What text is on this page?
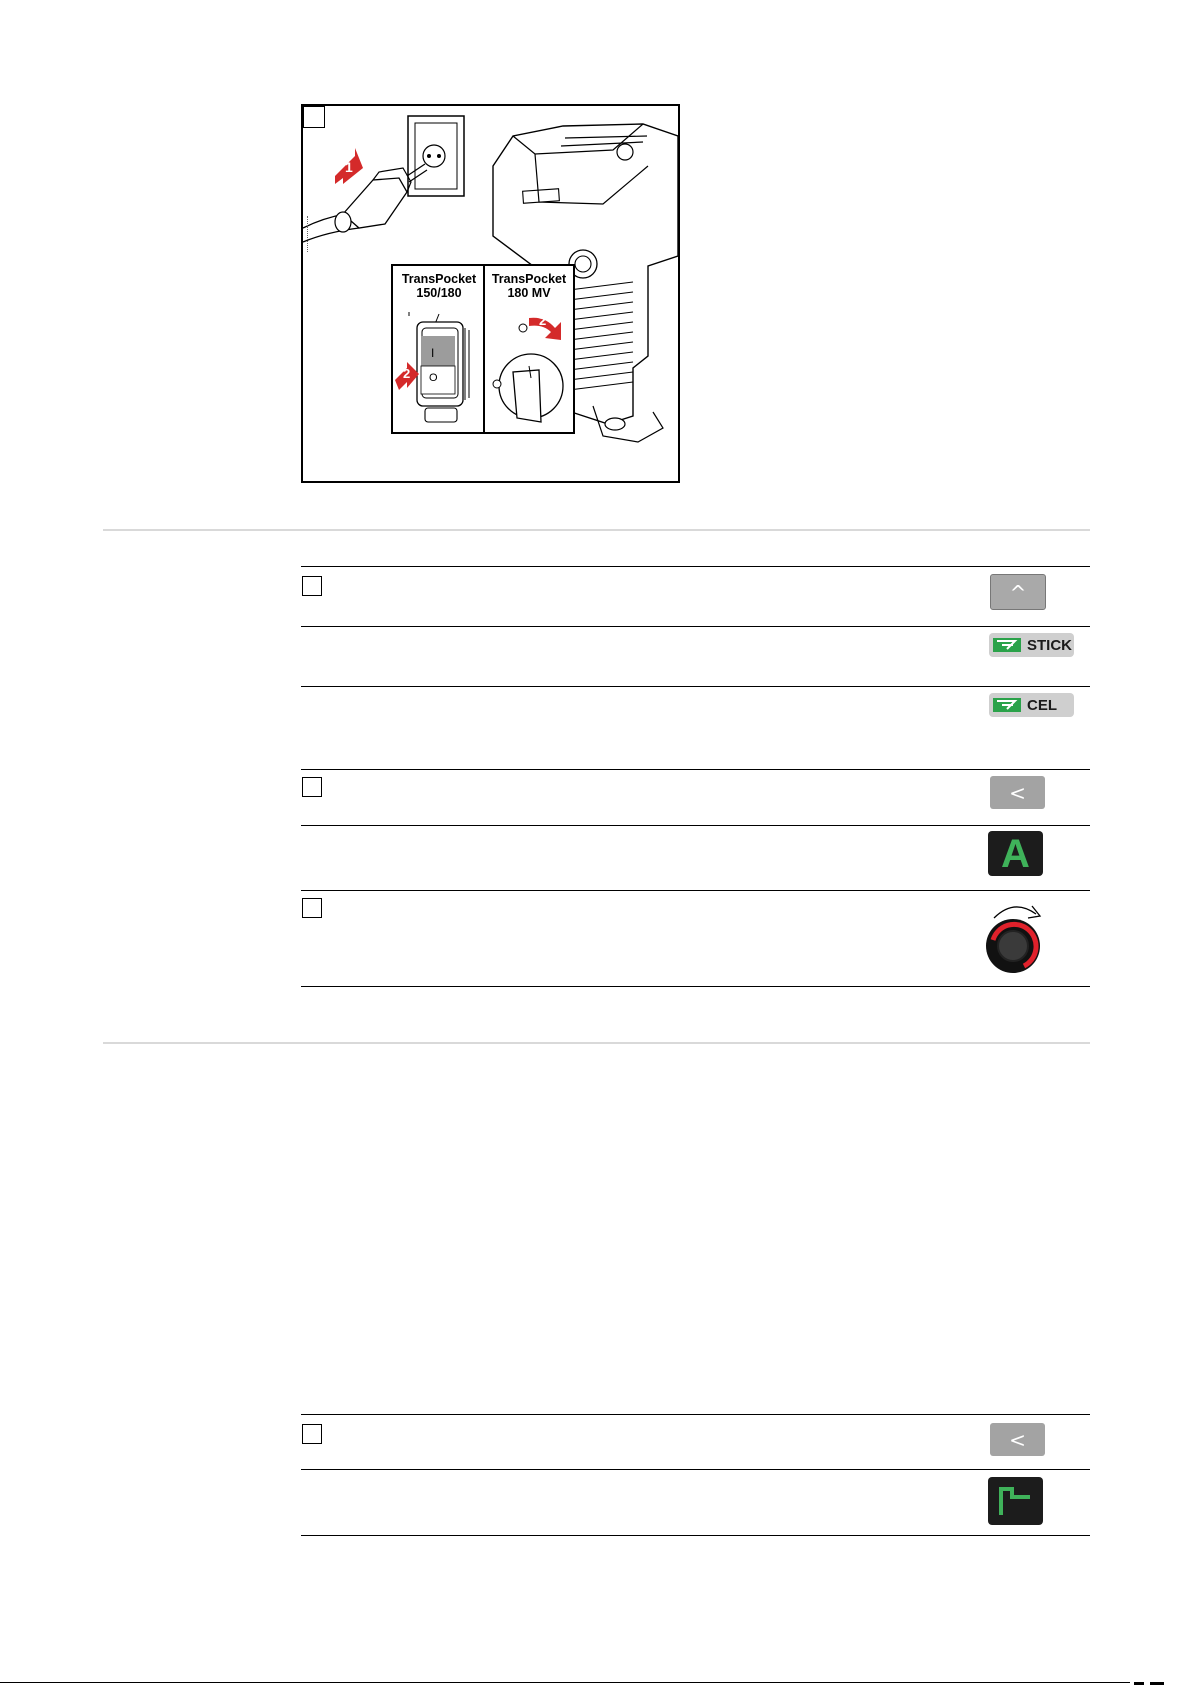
1
TransPocket
150/180
TransPocket
180 MV
I
O
2
2
^
STICK
CEL
<
A
<
